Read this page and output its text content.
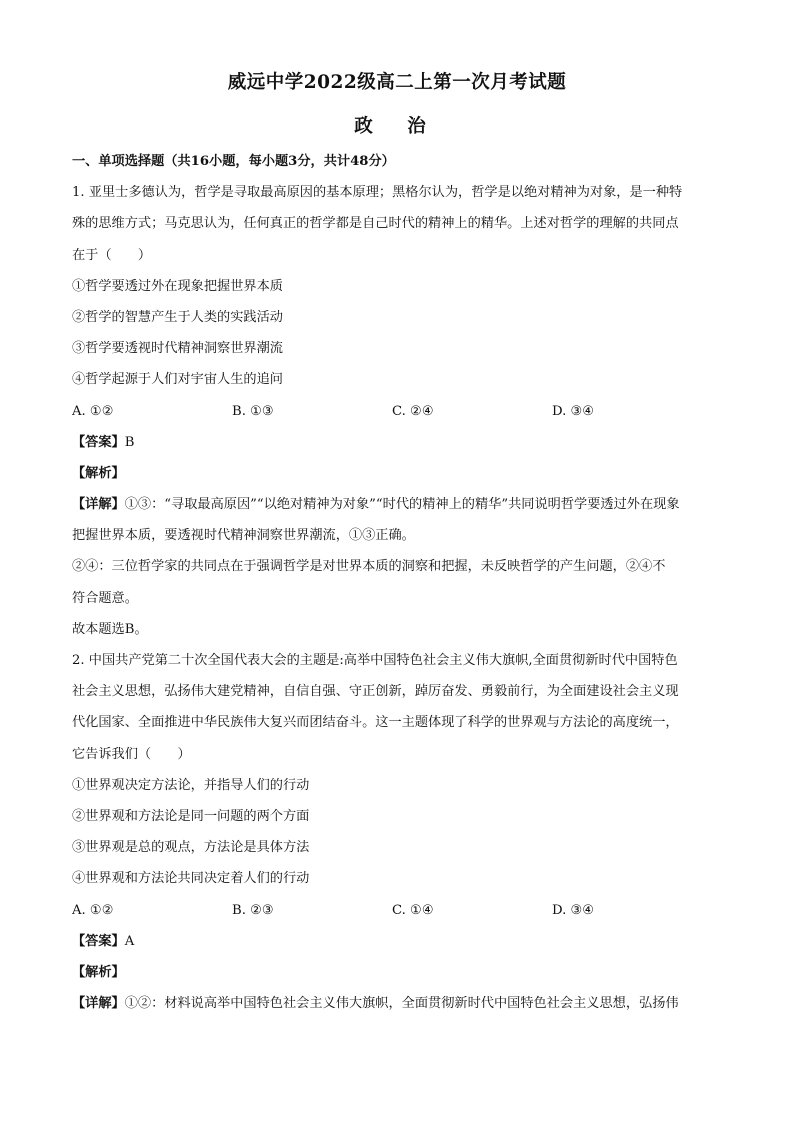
威远中学2022级高二上第一次月考试题
政 治
一、单项选择题（共16小题，每小题3分，共计48分）
1. 亚里士多德认为，哲学是寻取最高原因的基本原理；黑格尔认为，哲学是以绝对精神为对象，是一种特
殊的思维方式；马克思认为，任何真正的哲学都是自己时代的精神上的精华。上述对哲学的理解的共同点
在于（　　）
①哲学要透过外在现象把握世界本质
②哲学的智慧产生于人类的实践活动
③哲学要透视时代精神洞察世界潮流
④哲学起源于人们对宇宙人生的追问
A. ①②	B. ①③	C. ②④	D. ③④
【答案】B
【解析】
【详解】①③：“寻取最高原因”“以绝对精神为对象”“时代的精神上的精华”共同说明哲学要透过外在现象
把握世界本质，要透视时代精神洞察世界潮流，①③正确。
②④：三位哲学家的共同点在于强调哲学是对世界本质的洞察和把握，未反映哲学的产生问题，②④不
符合题意。
故本题选B。
2. 中国共产党第二十次全国代表大会的主题是:高举中国特色社会主义伟大旗帜,全面贯彻新时代中国特色
社会主义思想，弘扬伟大建党精神，自信自强、守正创新，踔厉奋发、勇毅前行，为全面建设社会主义现
代化国家、全面推进中华民族伟大复兴而团结奋斗。这一主题体现了科学的世界观与方法论的高度统一，
它告诉我们（　　）
①世界观决定方法论，并指导人们的行动
②世界观和方法论是同一问题的两个方面
③世界观是总的观点，方法论是具体方法
④世界观和方法论共同决定着人们的行动
A. ①②	B. ②③	C. ①④	D. ③④
【答案】A
【解析】
【详解】①②：材料说高举中国特色社会主义伟大旗帜，全面贯彻新时代中国特色社会主义思想，弘扬伟
